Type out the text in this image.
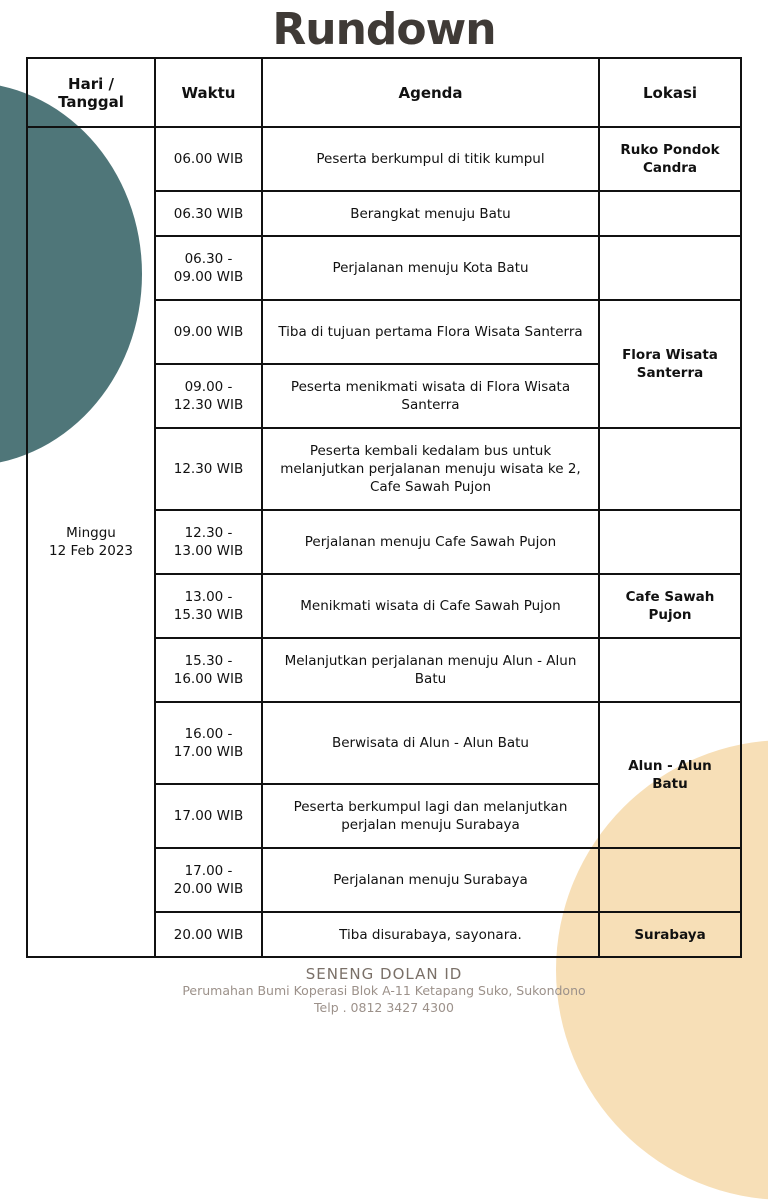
Rundown
Hari / Tanggal	Waktu	Agenda	Lokasi

Minggu
12 Feb 2023	06.00 WIB	Peserta berkumpul di titik kumpul	Ruko Pondok Candra
	06.30 WIB	Berangkat menuju Batu	
	06.30 - 09.00 WIB	Perjalanan menuju Kota Batu	
	09.00 WIB	Tiba di tujuan pertama Flora Wisata Santerra	Flora Wisata Santerra
	09.00 - 12.30 WIB	Peserta menikmati wisata di Flora Wisata Santerra	
	12.30 WIB	Peserta kembali kedalam bus untuk melanjutkan perjalanan menuju wisata ke 2, Cafe Sawah Pujon	
	12.30 - 13.00 WIB	Perjalanan menuju Cafe Sawah Pujon	
	13.00 - 15.30 WIB	Menikmati wisata di Cafe Sawah Pujon	Cafe Sawah Pujon
	15.30 - 16.00 WIB	Melanjutkan perjalanan menuju Alun - Alun Batu	
	16.00 - 17.00 WIB	Berwisata di Alun - Alun Batu	Alun - Alun Batu
	17.00 WIB	Peserta berkumpul lagi dan melanjutkan perjalan menuju Surabaya	
	17.00 - 20.00 WIB	Perjalanan menuju Surabaya	
	20.00 WIB	Tiba disurabaya, sayonara.	Surabaya
SENENG DOLAN ID
Perumahan Bumi Koperasi Blok A-11 Ketapang Suko, Sukondono
Telp . 0812 3427 4300
